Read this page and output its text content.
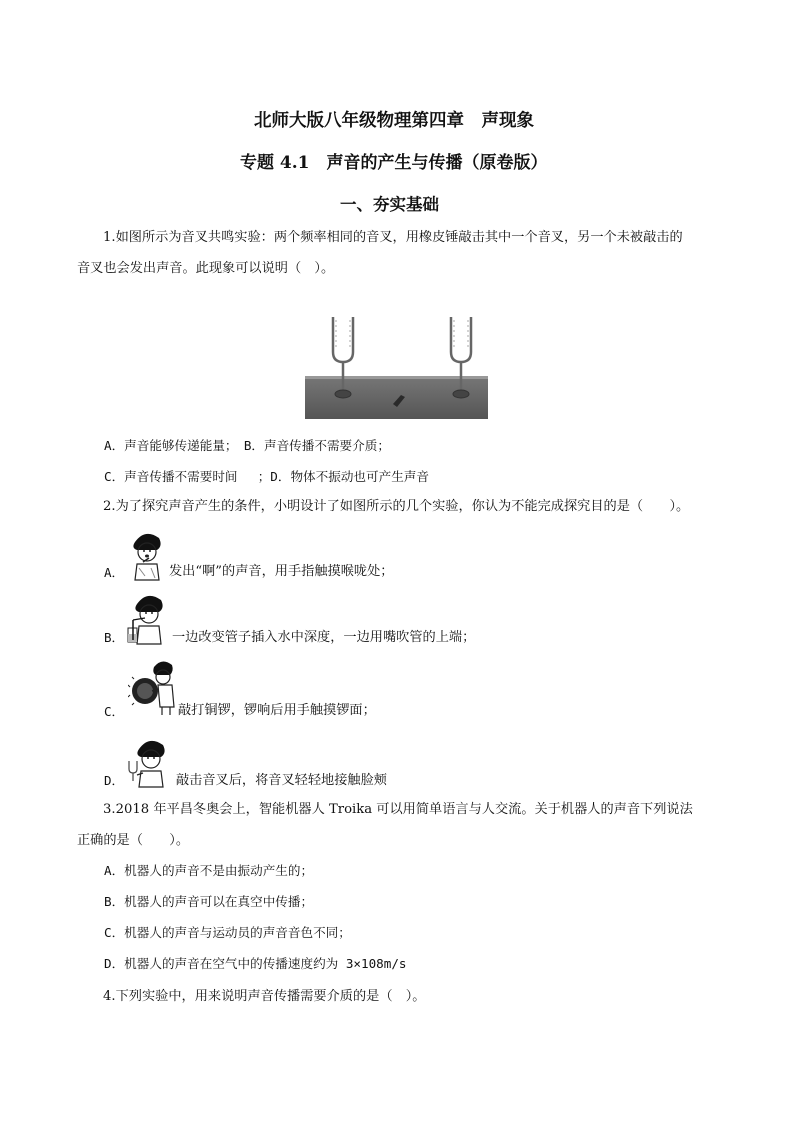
北师大版八年级物理第四章　声现象
专题 4.1　声音的产生与传播（原卷版）
一、夯实基础
1.如图所示为音叉共鸣实验：两个频率相同的音叉，用橡皮锤敲击其中一个音叉，另一个未被敲击的
音叉也会发出声音。此现象可以说明（　）。
A．声音能够传递能量；　B．声音传播不需要介质；
C．声音传播不需要时间　 ；D．物体不振动也可产生声音
2.为了探究声音产生的条件，小明设计了如图所示的几个实验，你认为不能完成探究目的是（　　）。
A．	发出“啊”的声音，用手指触摸喉咙处；
B．	一边改变管子插入水中深度，一边用嘴吹管的上端；
C．	敲打铜锣，锣响后用手触摸锣面；
D．	敲击音叉后，将音叉轻轻地接触脸颊
3.2018 年平昌冬奥会上，智能机器人 Troika 可以用简单语言与人交流。关于机器人的声音下列说法
正确的是（　　）。
A．机器人的声音不是由振动产生的；
B．机器人的声音可以在真空中传播；
C．机器人的声音与运动员的声音音色不同；
D．机器人的声音在空气中的传播速度约为 3×108m/s
4.下列实验中，用来说明声音传播需要介质的是（　）。
